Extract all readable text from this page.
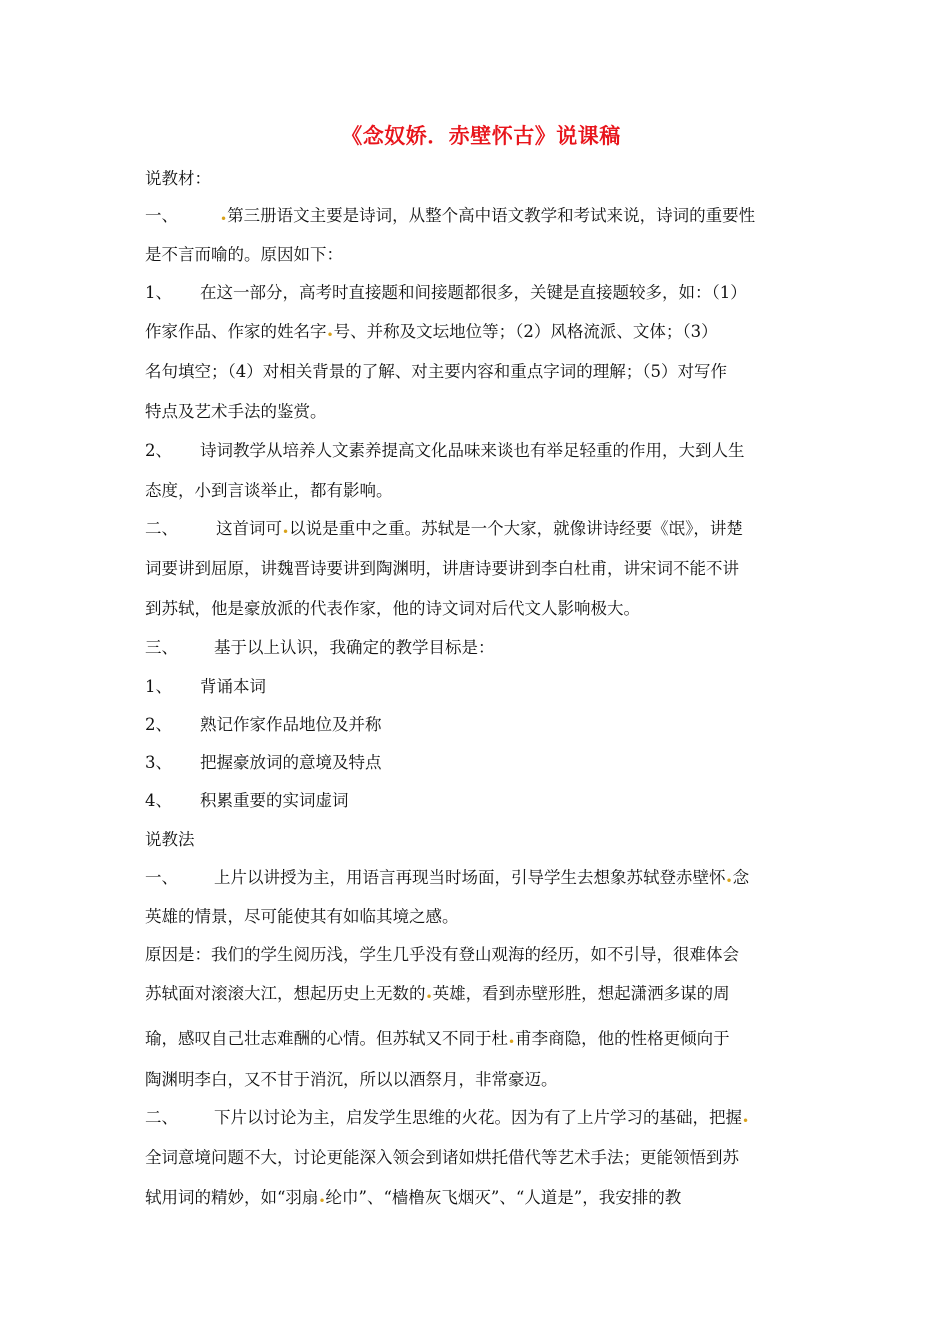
《念奴娇．赤壁怀古》说课稿
说教材：
一、	•第三册语文主要是诗词，从整个高中语文教学和考试来说，诗词的重要性
是不言而喻的。原因如下：
1、 在这一部分，高考时直接题和间接题都很多，关键是直接题较多，如：（1）
作家作品、作家的姓名字•号、并称及文坛地位等；（2）风格流派、文体；（3）
名句填空；（4）对相关背景的了解、对主要内容和重点字词的理解；（5）对写作
特点及艺术手法的鉴赏。
2、 诗词教学从培养人文素养提高文化品味来谈也有举足轻重的作用，大到人生
态度，小到言谈举止，都有影响。
二、 这首词可•以说是重中之重。苏轼是一个大家，就像讲诗经要《氓》，讲楚
词要讲到屈原，讲魏晋诗要讲到陶渊明，讲唐诗要讲到李白杜甫，讲宋词不能不讲
到苏轼，他是豪放派的代表作家，他的诗文词对后代文人影响极大。
三、 基于以上认识，我确定的教学目标是：
1、 背诵本词
2、 熟记作家作品地位及并称
3、 把握豪放词的意境及特点
4、 积累重要的实词虚词
说教法
一、 上片以讲授为主，用语言再现当时场面，引导学生去想象苏轼登赤壁怀•念
英雄的情景，尽可能使其有如临其境之感。
原因是：我们的学生阅历浅，学生几乎没有登山观海的经历，如不引导，很难体会
苏轼面对滚滚大江，想起历史上无数的•英雄，看到赤壁形胜，想起潇洒多谋的周
瑜，感叹自己壮志难酬的心情。但苏轼又不同于杜•甫李商隐，他的性格更倾向于
陶渊明李白，又不甘于消沉，所以以酒祭月，非常豪迈。
二、 下片以讨论为主，启发学生思维的火花。因为有了上片学习的基础，把握•
全词意境问题不大，讨论更能深入领会到诸如烘托借代等艺术手法；更能领悟到苏
轼用词的精妙，如“羽扇•纶巾”、“樯橹灰飞烟灭”、“人道是”，我安排的教
